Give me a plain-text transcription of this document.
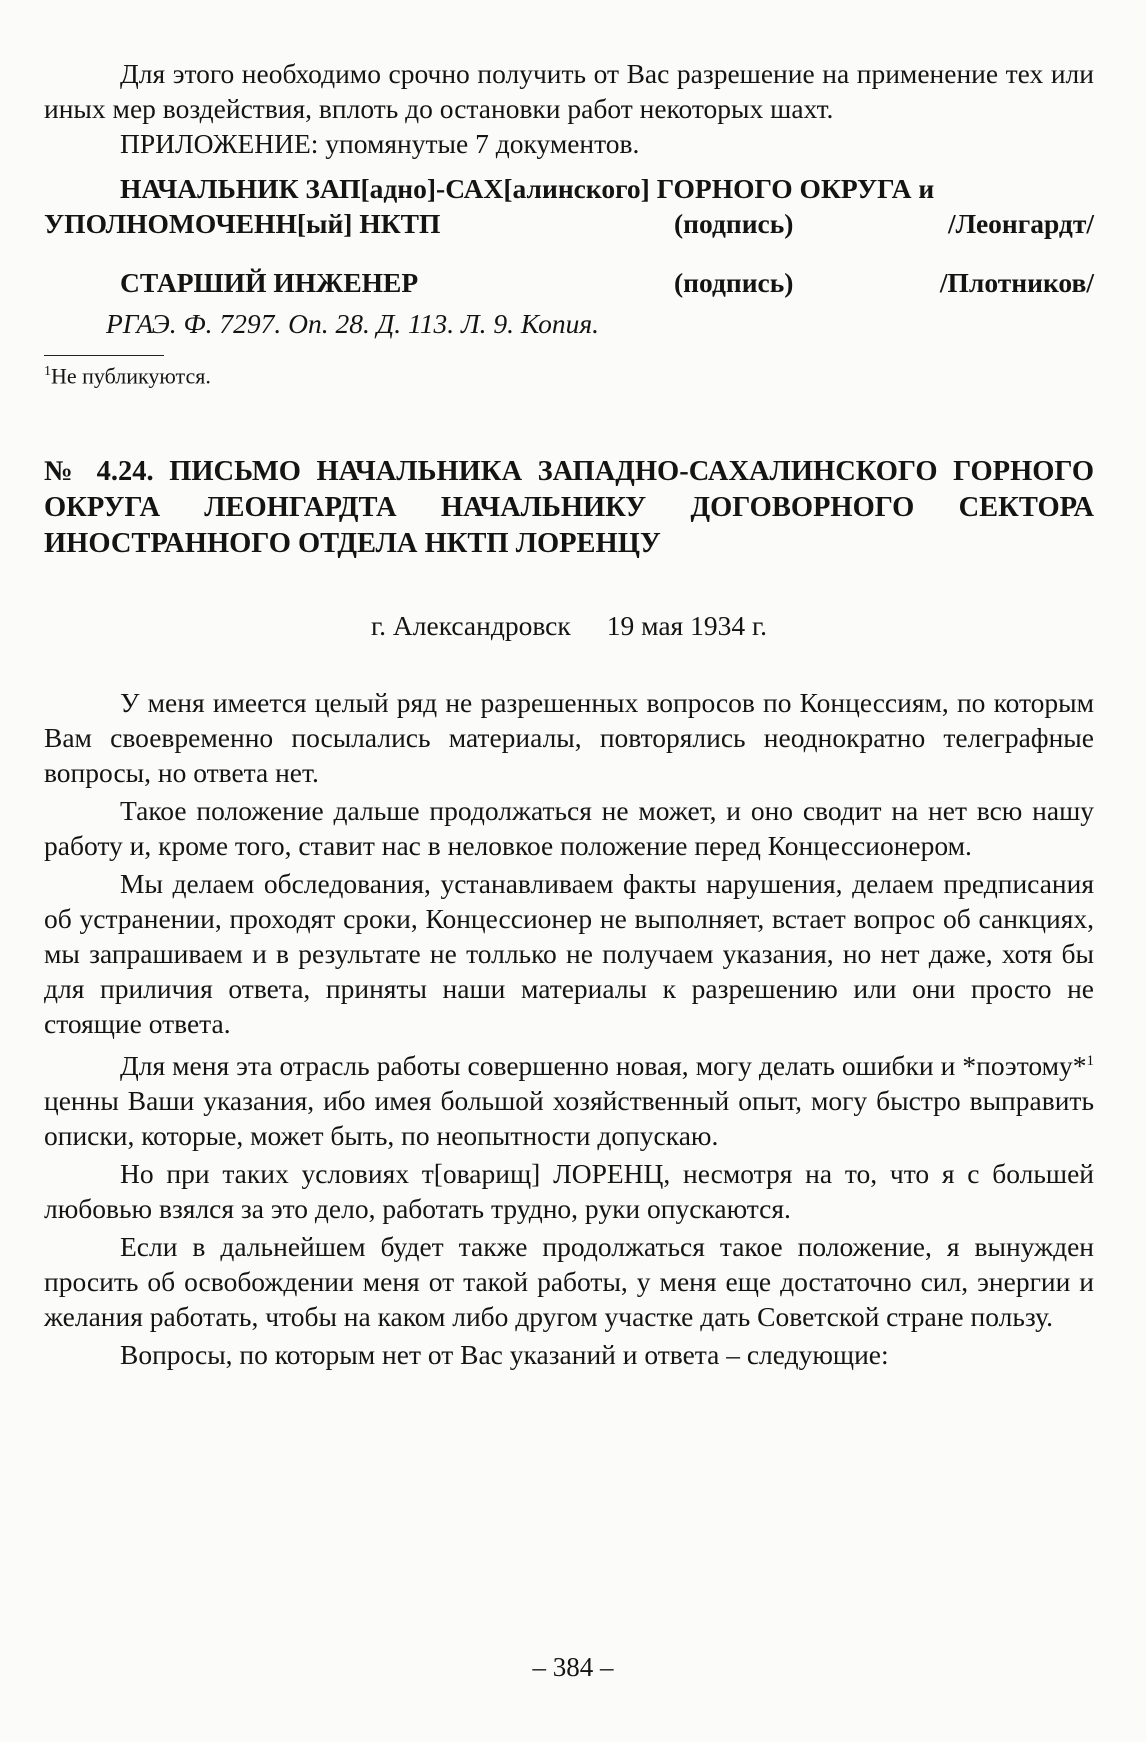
Для этого необходимо срочно получить от Вас разрешение на применение тех или иных мер воздействия, вплоть до остановки работ некоторых шахт.

ПРИЛОЖЕНИЕ: упомянутые 7 документов.

НАЧАЛЬНИК ЗАП[адно]-САХ[алинского] ГОРНОГО ОКРУГА и

УПОЛНОМОЧЕНН[ый] НКТП	(подпись)	/Леонгардт/
СТАРШИЙ ИНЖЕНЕР	(подпись)	/Плотников/
РГАЭ. Ф. 7297. Оп. 28. Д. 113. Л. 9. Копия.
$^1$Не публикуются.
№ 4.24. ПИСЬМО НАЧАЛЬНИКА ЗАПАДНО-САХАЛИНСКОГО ГОРНОГО ОКРУГА ЛЕОНГАРДТА НАЧАЛЬНИКУ ДОГОВОРНОГО СЕКТОРА ИНОСТРАННОГО ОТДЕЛА НКТП ЛОРЕНЦУ
г. Александровск 19 мая 1934 г.

У меня имеется целый ряд не разрешенных вопросов по Концессиям, по которым Вам своевременно посылались материалы, повторялись неоднократно телеграфные вопросы, но ответа нет.

Такое положение дальше продолжаться не может, и оно сводит на нет всю нашу работу и, кроме того, ставит нас в неловкое положение перед Концессионером.

Мы делаем обследования, устанавливаем факты нарушения, делаем предписания об устранении, проходят сроки, Концессионер не выполняет, встает вопрос об санкциях, мы запрашиваем и в результате не толлько не получаем указания, но нет даже, хотя бы для приличия ответа, приняты наши материалы к разрешению или они просто не стоящие ответа.

Для меня эта отрасль работы совершенно новая, могу делать ошибки и *поэтому*$^1$ ценны Ваши указания, ибо имея большой хозяйственный опыт, могу быстро выправить описки, которые, может быть, по неопытности допускаю.

Но при таких условиях т[оварищ] ЛОРЕНЦ, несмотря на то, что я с большей любовью взялся за это дело, работать трудно, руки опускаются.

Если в дальнейшем будет также продолжаться такое положение, я вынужден просить об освобождении меня от такой работы, у меня еще достаточно сил, энергии и желания работать, чтобы на каком либо другом участке дать Советской стране пользу.

Вопросы, по которым нет от Вас указаний и ответа – следующие:

– 384 –
